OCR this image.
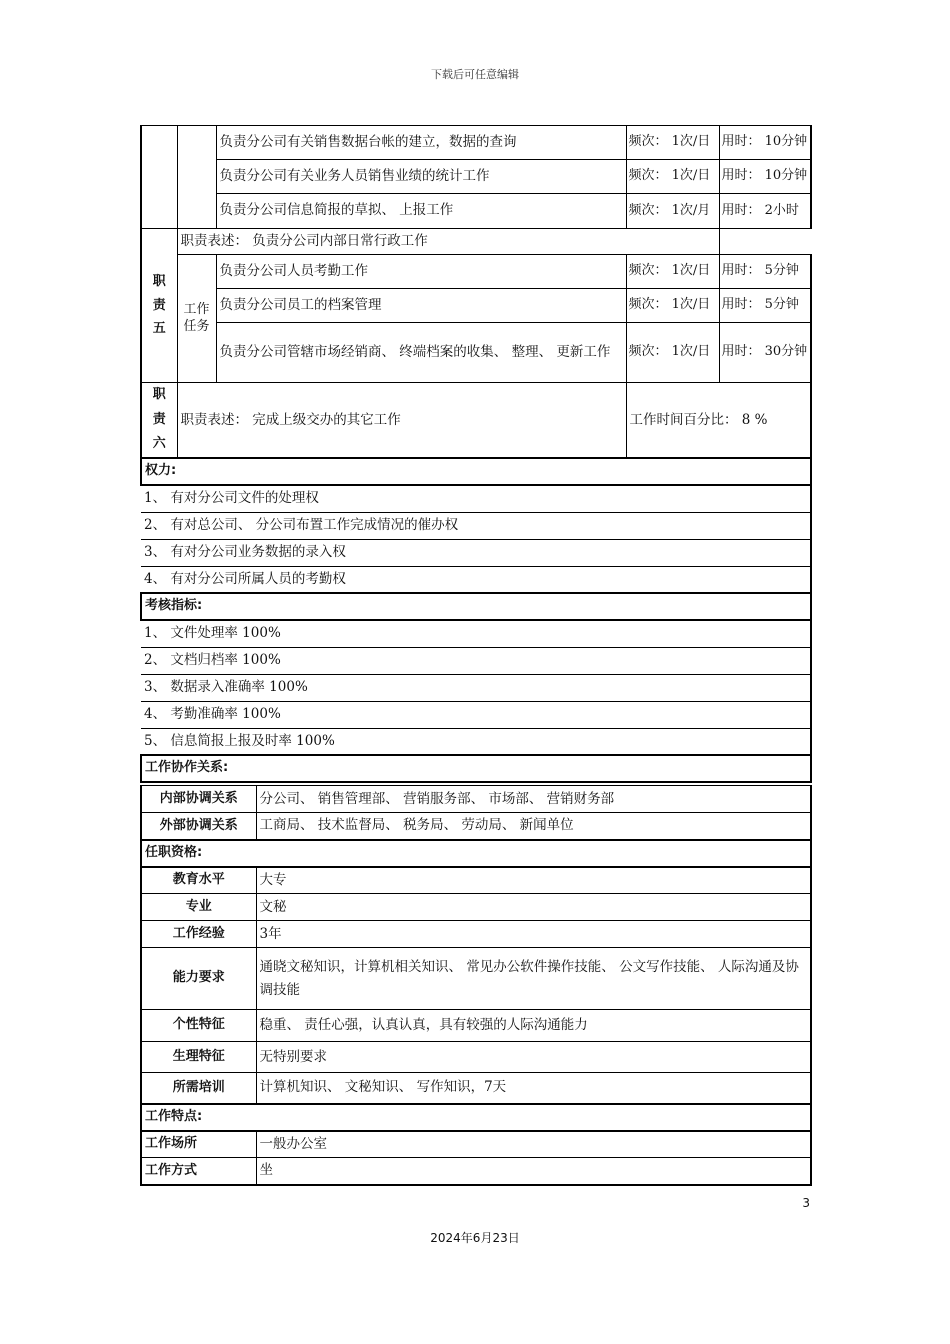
下载后可任意编辑
		负责分公司有关销售数据台帐的建立，数据的查询	频次： 1次/日	用时： 10分钟
		负责分公司有关业务人员销售业绩的统计工作	频次： 1次/日	用时： 10分钟
		负责分公司信息简报的草拟、 上报工作	频次： 1次/月	用时： 2小时
职责五	职责表述： 负责分公司内部日常行政工作			
	工作任务	负责分公司人员考勤工作	频次： 1次/日	用时： 5分钟
		负责分公司员工的档案管理	频次： 1次/日	用时： 5分钟
		负责分公司管辖市场经销商、 终端档案的收集、 整理、 更新工作	频次： 1次/日	用时： 30分钟
职责六	职责表述： 完成上级交办的其它工作		工作时间百分比： 8 %	
权力:				
1、 有对分公司文件的处理权				
2、 有对总公司、 分公司布置工作完成情况的催办权				
3、 有对分公司业务数据的录入权				
4、 有对分公司所属人员的考勤权				
考核指标:				
1、 文件处理率 100%				
2、 文档归档率 100%				
3、 数据录入准确率 100%				
4、 考勤准确率 100%				
5、 信息简报上报及时率 100%				
工作协作关系:				
内部协调关系	分公司、 销售管理部、 营销服务部、 市场部、 营销财务部
外部协调关系	工商局、 技术监督局、 税务局、 劳动局、 新闻单位
任职资格:	
教育水平	大专
专业	文秘
工作经验	3年
能力要求	通晓文秘知识，计算机相关知识、 常见办公软件操作技能、 公文写作技能、 人际沟通及协调技能
个性特征	稳重、 责任心强，认真认真，具有较强的人际沟通能力
生理特征	无特别要求
所需培训	计算机知识、 文秘知识、 写作知识，7天
工作特点:	
工作场所	一般办公室
工作方式	坐
3
2024年6月23日
